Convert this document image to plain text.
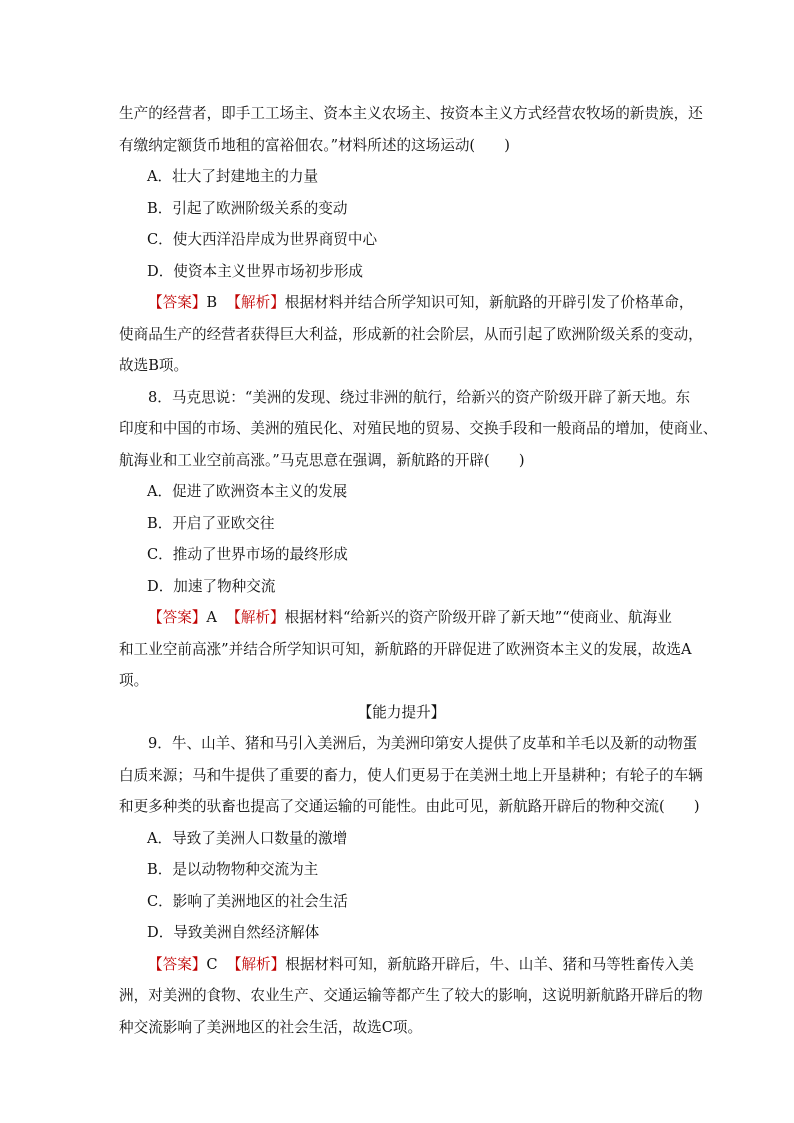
生产的经营者，即手工工场主、资本主义农场主、按资本主义方式经营农牧场的新贵族，还
有缴纳定额货币地租的富裕佃农。”材料所述的这场运动(　　)
A．壮大了封建地主的力量
B．引起了欧洲阶级关系的变动
C．使大西洋沿岸成为世界商贸中心
D．使资本主义世界市场初步形成
【答案】B 【解析】根据材料并结合所学知识可知，新航路的开辟引发了价格革命，
使商品生产的经营者获得巨大利益，形成新的社会阶层，从而引起了欧洲阶级关系的变动，
故选B项。
8．马克思说：“美洲的发现、绕过非洲的航行，给新兴的资产阶级开辟了新天地。东
印度和中国的市场、美洲的殖民化、对殖民地的贸易、交换手段和一般商品的增加，使商业、
航海业和工业空前高涨。”马克思意在强调，新航路的开辟(　　)
A．促进了欧洲资本主义的发展
B．开启了亚欧交往
C．推动了世界市场的最终形成
D．加速了物种交流
【答案】A 【解析】根据材料“给新兴的资产阶级开辟了新天地”“使商业、航海业
和工业空前高涨”并结合所学知识可知，新航路的开辟促进了欧洲资本主义的发展，故选A
项。
【能力提升】
9．牛、山羊、猪和马引入美洲后，为美洲印第安人提供了皮革和羊毛以及新的动物蛋
白质来源；马和牛提供了重要的畜力，使人们更易于在美洲土地上开垦耕种；有轮子的车辆
和更多种类的驮畜也提高了交通运输的可能性。由此可见，新航路开辟后的物种交流(　　)
A．导致了美洲人口数量的激增
B．是以动物物种交流为主
C．影响了美洲地区的社会生活
D．导致美洲自然经济解体
【答案】C 【解析】根据材料可知，新航路开辟后，牛、山羊、猪和马等牲畜传入美
洲，对美洲的食物、农业生产、交通运输等都产生了较大的影响，这说明新航路开辟后的物
种交流影响了美洲地区的社会生活，故选C项。
